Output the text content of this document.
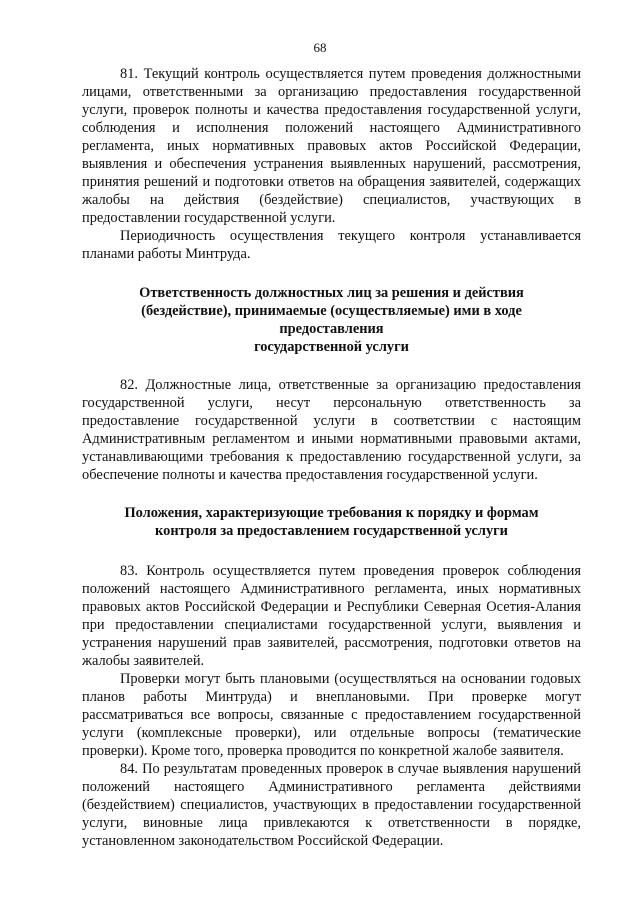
68

81. Текущий контроль осуществляется путем проведения должностными лицами, ответственными за организацию предоставления государственной услуги, проверок полноты и качества предоставления государственной услуги, соблюдения и исполнения положений настоящего Административного регламента, иных нормативных правовых актов Российской Федерации, выявления и обеспечения устранения выявленных нарушений, рассмотрения, принятия решений и подготовки ответов на обращения заявителей, содержащих жалобы на действия (бездействие) специалистов, участвующих в предоставлении государственной услуги.

Периодичность осуществления текущего контроля устанавливается планами работы Минтруда.

Ответственность должностных лиц за решения и действия
(бездействие), принимаемые (осуществляемые) ими в ходе
предоставления
государственной услуги

82. Должностные лица, ответственные за организацию предоставления государственной услуги, несут персональную ответственность за предоставление государственной услуги в соответствии с настоящим Административным регламентом и иными нормативными правовыми актами, устанавливающими требования к предоставлению государственной услуги, за обеспечение полноты и качества предоставления государственной услуги.

Положения, характеризующие требования к порядку и формам
контроля за предоставлением государственной услуги

83. Контроль осуществляется путем проведения проверок соблюдения положений настоящего Административного регламента, иных нормативных правовых актов Российской Федерации и Республики Северная Осетия-Алания при предоставлении специалистами государственной услуги, выявления и устранения нарушений прав заявителей, рассмотрения, подготовки ответов на жалобы заявителей.

Проверки могут быть плановыми (осуществляться на основании годовых планов работы Минтруда) и внеплановыми. При проверке могут рассматриваться все вопросы, связанные с предоставлением государственной услуги (комплексные проверки), или отдельные вопросы (тематические проверки). Кроме того, проверка проводится по конкретной жалобе заявителя.

84. По результатам проведенных проверок в случае выявления нарушений положений настоящего Административного регламента действиями (бездействием) специалистов, участвующих в предоставлении государственной услуги, виновные лица привлекаются к ответственности в порядке, установленном законодательством Российской Федерации.
